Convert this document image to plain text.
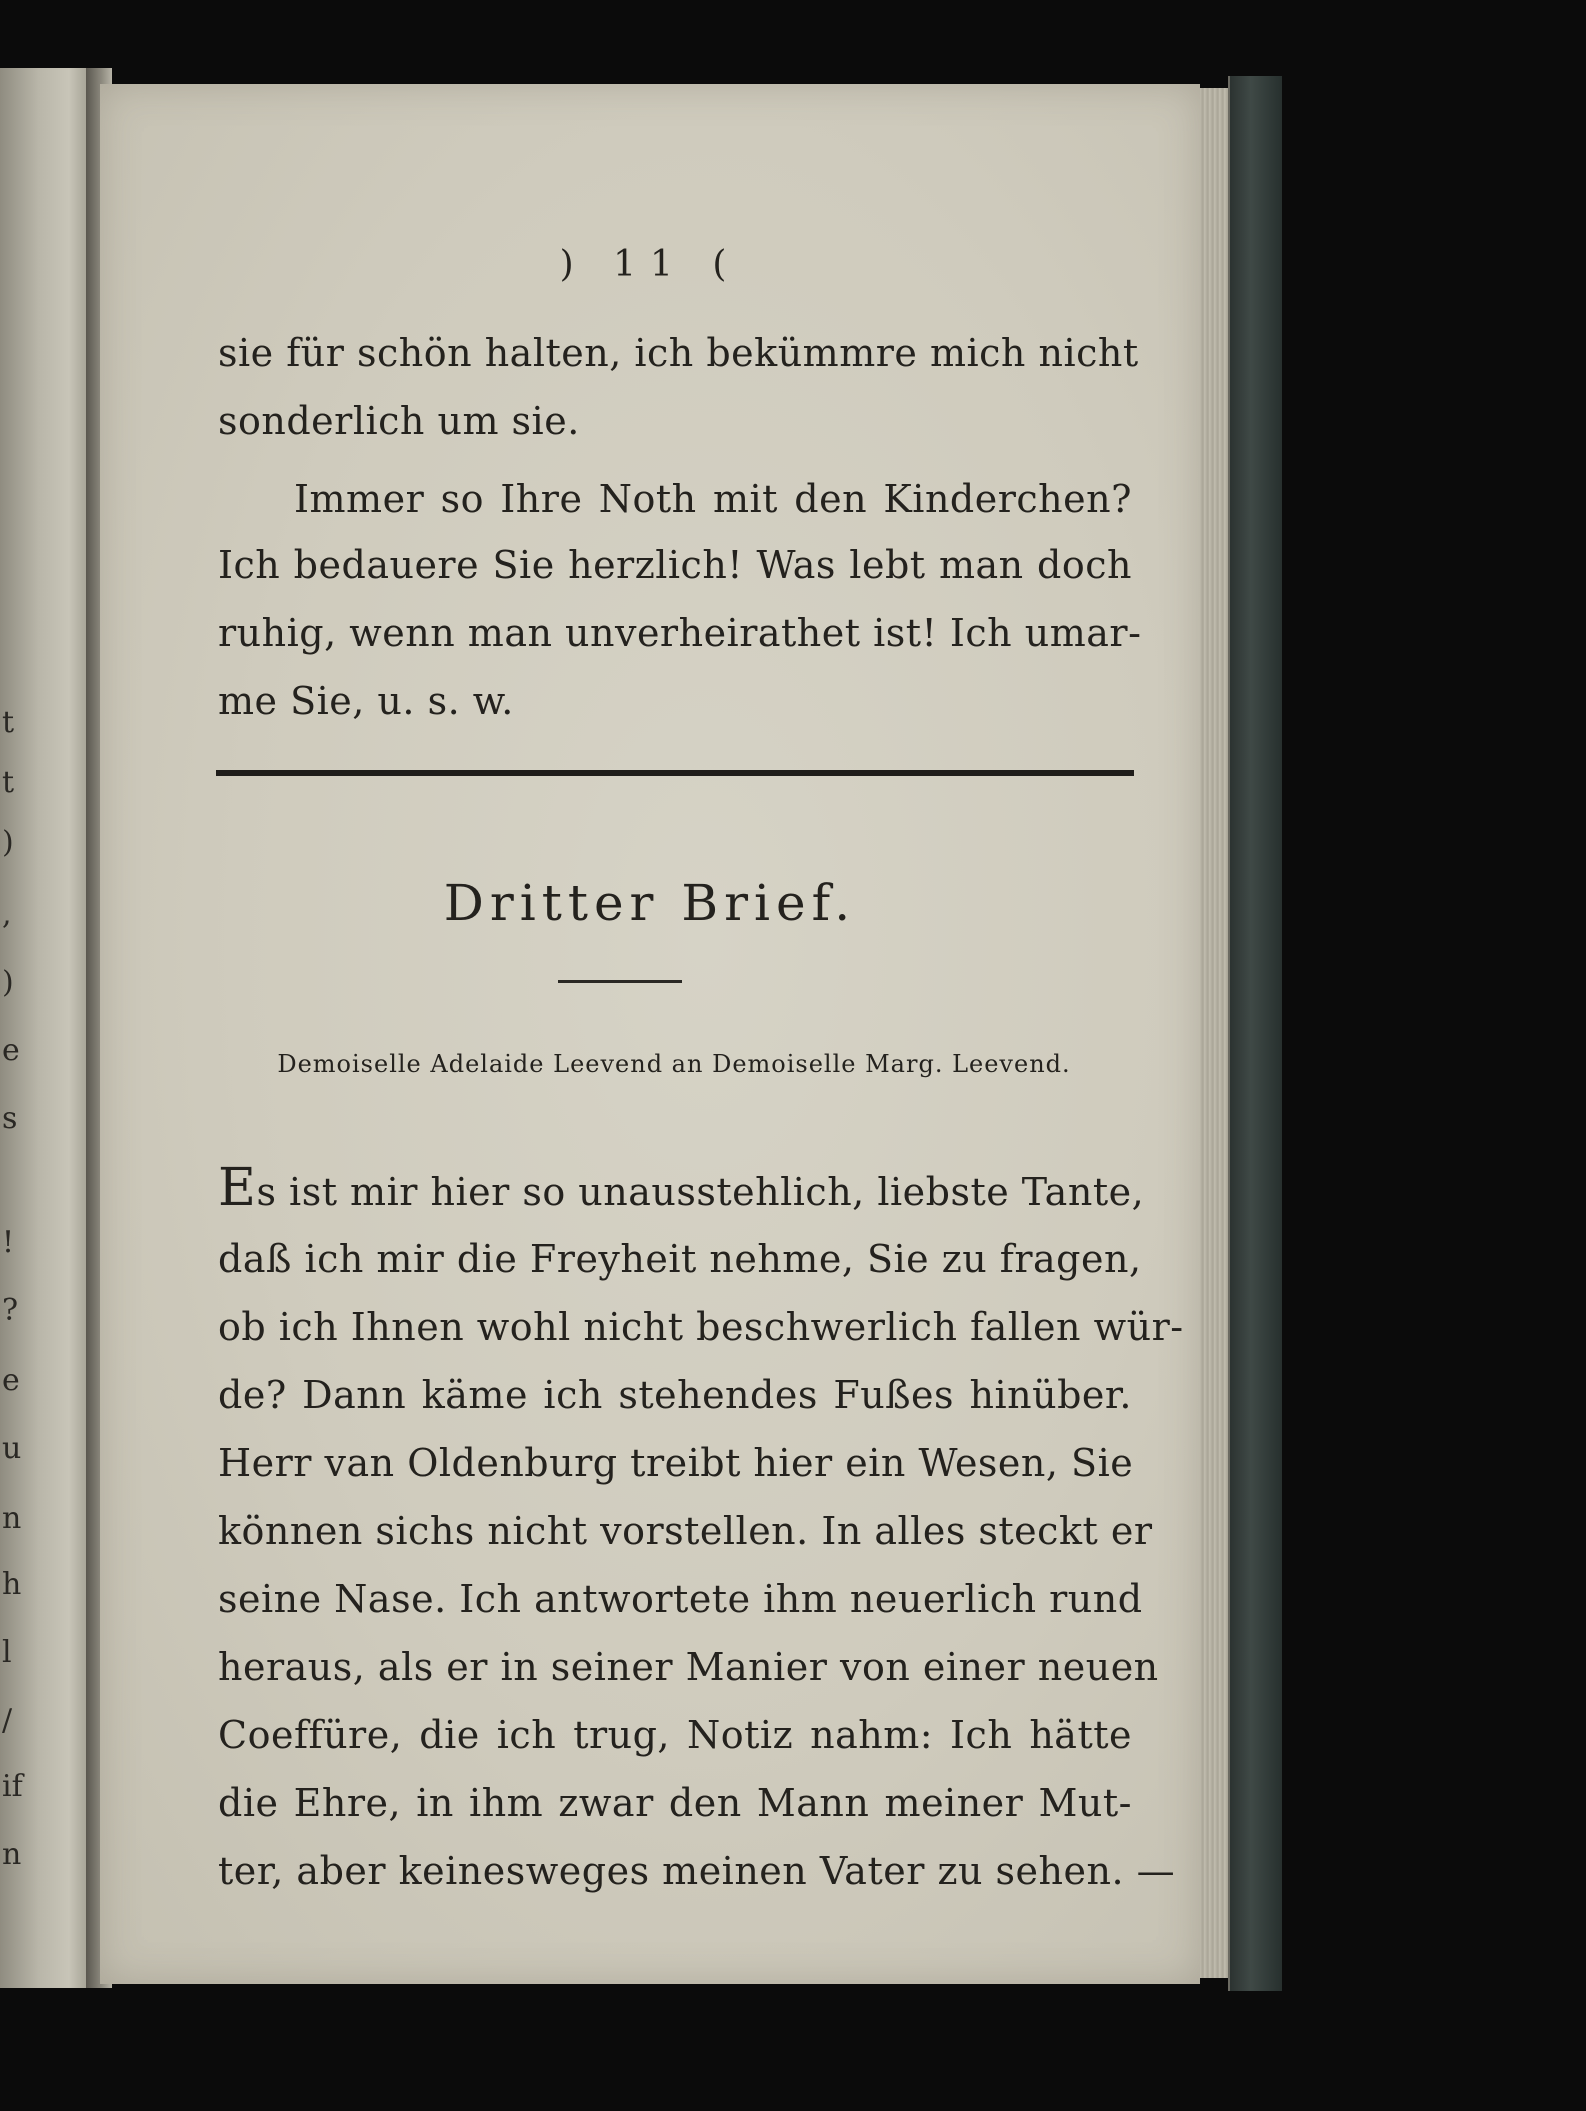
t
t
)
,
)
e
s
!
?
e
u
n
h
l
/
if
n
) 11 (
sie für schön halten, ich bekümmre mich nicht
sonderlich um sie.
Immer so Ihre Noth mit den Kinderchen?
Ich bedauere Sie herzlich! Was lebt man doch
ruhig, wenn man unverheirathet ist! Ich umar-
me Sie, u. s. w.
Dritter Brief.
Demoiselle Adelaide Leevend an Demoiselle Marg. Leevend.
Es ist mir hier so unausstehlich, liebste Tante,
daß ich mir die Freyheit nehme, Sie zu fragen,
ob ich Ihnen wohl nicht beschwerlich fallen wür-
de? Dann käme ich stehendes Fußes hinüber.
Herr van Oldenburg treibt hier ein Wesen, Sie
können sichs nicht vorstellen. In alles steckt er
seine Nase. Ich antwortete ihm neuerlich rund
heraus, als er in seiner Manier von einer neuen
Coeffüre, die ich trug, Notiz nahm: Ich hätte
die Ehre, in ihm zwar den Mann meiner Mut-
ter, aber keinesweges meinen Vater zu sehen. —
